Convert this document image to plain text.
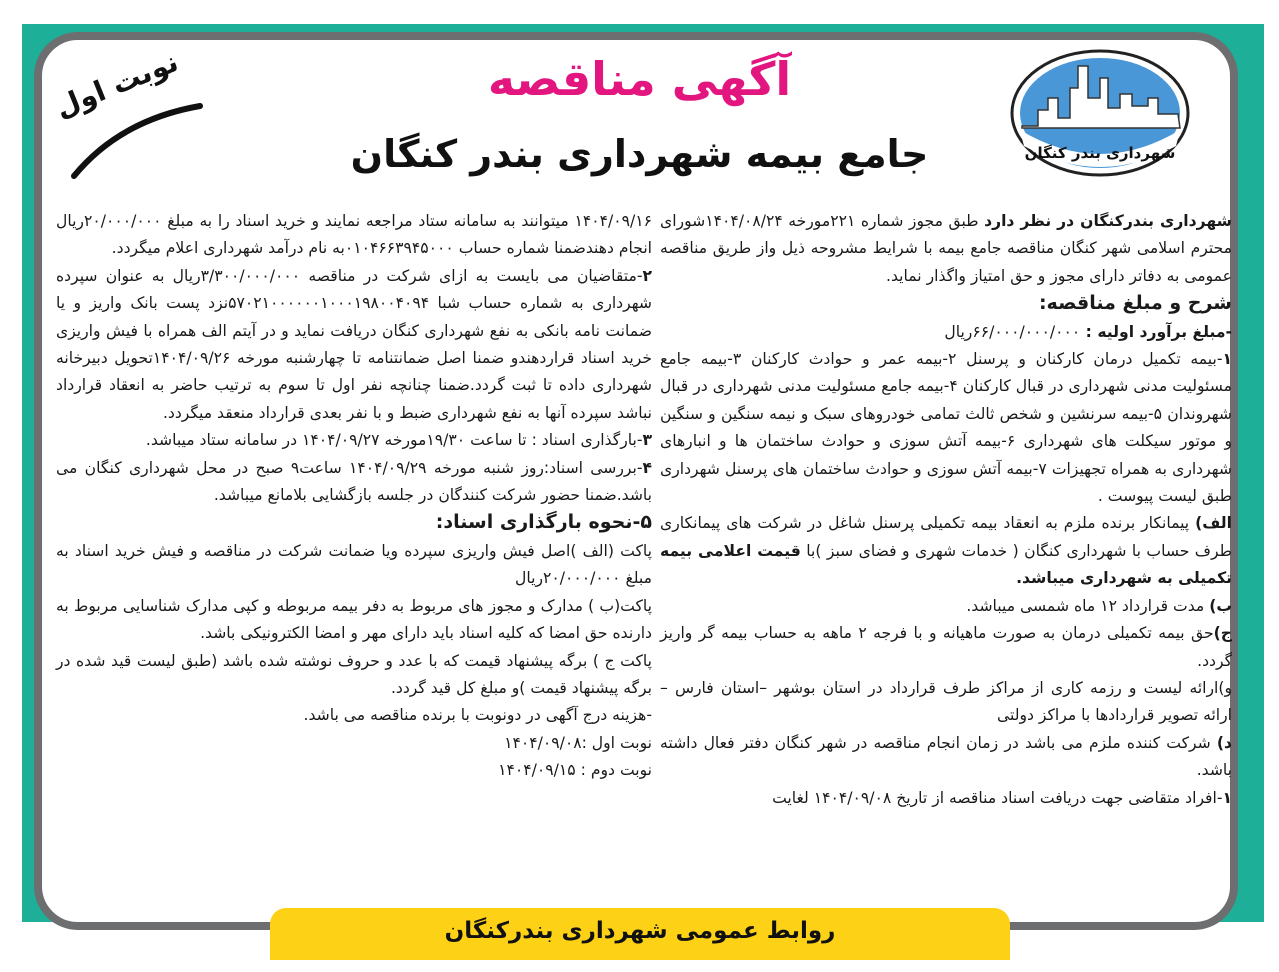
شهرداری بندر کنگان
آگهی مناقصه
جامع بیمه شهرداری بندر کنگان
نوبت اول

شهرداری بندرکنگان در نظر دارد طبق مجوز شماره ۲۲۱مورخه ۱۴۰۴/۰۸/۲۴شورای محترم اسلامی شهر کنگان مناقصه جامع بیمه با شرایط مشروحه ذیل واز طریق مناقصه عمومی به دفاتر دارای مجوز و حق امتیاز واگذار نماید.

شرح و مبلغ مناقصه:

-مبلغ برآورد اولیه : ۶۶/۰۰۰/۰۰۰/۰۰۰ریال

۱-بیمه تکمیل درمان کارکنان و پرسنل ۲-بیمه عمر و حوادث کارکنان ۳-بیمه جامع مسئولیت مدنی شهرداری در قبال کارکنان ۴-بیمه جامع مسئولیت مدنی شهرداری در قبال شهروندان ۵-بیمه سرنشین و شخص ثالث تمامی خودروهای سبک و نیمه سنگین و سنگین و موتور سیکلت های شهرداری ۶-بیمه آتش سوزی و حوادث ساختمان ها و انبارهای شهرداری به همراه تجهیزات ۷-بیمه آتش سوزی و حوادث ساختمان های پرسنل شهرداری طبق لیست پیوست .

الف) پیمانکار برنده ملزم به انعقاد بیمه تکمیلی پرسنل شاغل در شرکت های پیمانکاری طرف حساب با شهرداری کنگان ( خدمات شهری و فضای سبز )با قیمت اعلامی بیمه تکمیلی به شهرداری میباشد.

ب) مدت قرارداد ۱۲ ماه شمسی میباشد.

ج)حق بیمه تکمیلی درمان به صورت ماهیانه و با فرجه ۲ ماهه به حساب بیمه گر واریز گردد.

و)ارائه لیست و رزمه کاری از مراکز طرف قرارداد در استان بوشهر –استان فارس – ارائه تصویر قراردادها با مراکز دولتی

د) شرکت کننده ملزم می باشد در زمان انجام مناقصه در شهر کنگان دفتر فعال داشته باشد.

۱-افراد متقاضی جهت دریافت اسناد مناقصه از تاریخ ۱۴۰۴/۰۹/۰۸ لغایت

۱۴۰۴/۰۹/۱۶ میتوانند به سامانه ستاد مراجعه نمایند و خرید اسناد را به مبلغ ۲۰/۰۰۰/۰۰۰ریال انجام دهندضمنا شماره حساب ۰۱۰۴۶۶۳۹۴۵۰۰۰به نام درآمد شهرداری اعلام میگردد.

۲-متقاضیان می بایست به ازای شرکت در مناقصه ۳/۳۰۰/۰۰۰/۰۰۰ریال به عنوان سپرده شهرداری به شماره حساب شبا ۵۷۰۲۱۰۰۰۰۰۰۱۰۰۰۱۹۸۰۰۴۰۹۴نزد پست بانک واریز و یا ضمانت نامه بانکی به نفع شهرداری کنگان دریافت نماید و در آیتم الف همراه با فیش واریزی خرید اسناد قراردهندو ضمنا اصل ضمانتنامه تا چهارشنبه مورخه ۱۴۰۴/۰۹/۲۶تحویل دبیرخانه شهرداری داده تا ثبت گردد.ضمنا چنانچه نفر اول تا سوم به ترتیب حاضر به انعقاد قرارداد نباشد سپرده آنها به نفع شهرداری ضبط و با نفر بعدی قرارداد منعقد میگردد.

۳-بارگذاری اسناد : تا ساعت ۱۹/۳۰مورخه ۱۴۰۴/۰۹/۲۷ در سامانه ستاد میباشد.

۴-بررسی اسناد:روز شنبه مورخه ۱۴۰۴/۰۹/۲۹ ساعت۹ صبح در محل شهرداری کنگان می باشد.ضمنا حضور شرکت کنندگان در جلسه بازگشایی بلامانع میباشد.

۵-نحوه بارگذاری اسناد:

پاکت (الف )اصل فیش واریزی سپرده ویا ضمانت شرکت در مناقصه و فیش خرید اسناد به مبلغ ۲۰/۰۰۰/۰۰۰ریال

پاکت(ب ) مدارک و مجوز های مربوط به دفر بیمه مربوطه و کپی مدارک شناسایی مربوط به دارنده حق امضا که کلیه اسناد باید دارای مهر و امضا الکترونیکی باشد.

پاکت ج ) برگه پیشنهاد قیمت که با عدد و حروف نوشته شده باشد (طبق لیست قید شده در برگه پیشنهاد قیمت )و مبلغ کل قید گردد.

-هزینه درج آگهی در دونوبت با برنده مناقصه می باشد.

نوبت اول :۱۴۰۴/۰۹/۰۸

نوبت دوم : ۱۴۰۴/۰۹/۱۵

روابط عمومی شهرداری بندرکنگان
